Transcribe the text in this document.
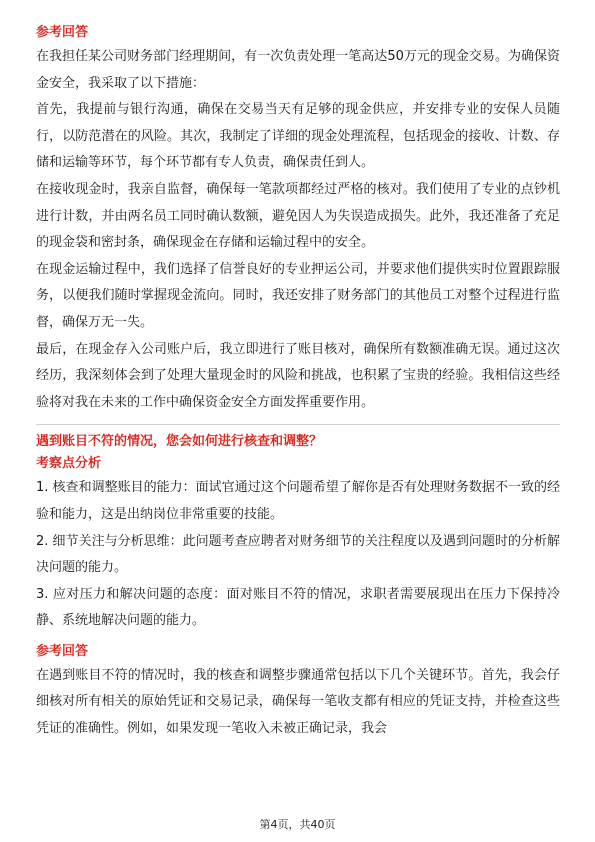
参考回答

在我担任某公司财务部门经理期间，有一次负责处理一笔高达50万元的现金交易。为确保资金安全，我采取了以下措施：

首先，我提前与银行沟通，确保在交易当天有足够的现金供应，并安排专业的安保人员随行，以防范潜在的风险。其次，我制定了详细的现金处理流程，包括现金的接收、计数、存储和运输等环节，每个环节都有专人负责，确保责任到人。

在接收现金时，我亲自监督，确保每一笔款项都经过严格的核对。我们使用了专业的点钞机进行计数，并由两名员工同时确认数额，避免因人为失误造成损失。此外，我还准备了充足的现金袋和密封条，确保现金在存储和运输过程中的安全。

在现金运输过程中，我们选择了信誉良好的专业押运公司，并要求他们提供实时位置跟踪服务，以便我们随时掌握现金流向。同时，我还安排了财务部门的其他员工对整个过程进行监督，确保万无一失。

最后，在现金存入公司账户后，我立即进行了账目核对，确保所有数额准确无误。通过这次经历，我深刻体会到了处理大量现金时的风险和挑战，也积累了宝贵的经验。我相信这些经验将对我在未来的工作中确保资金安全方面发挥重要作用。

遇到账目不符的情况，您会如何进行核查和调整？

考察点分析

1. 核查和调整账目的能力：面试官通过这个问题希望了解你是否有处理财务数据不一致的经验和能力，这是出纳岗位非常重要的技能。

2. 细节关注与分析思维：此问题考查应聘者对财务细节的关注程度以及遇到问题时的分析解决问题的能力。

3. 应对压力和解决问题的态度：面对账目不符的情况，求职者需要展现出在压力下保持冷静、系统地解决问题的能力。

参考回答

在遇到账目不符的情况时，我的核查和调整步骤通常包括以下几个关键环节。首先，我会仔细核对所有相关的原始凭证和交易记录，确保每一笔收支都有相应的凭证支持，并检查这些凭证的准确性。例如，如果发现一笔收入未被正确记录，我会

第4页，共40页
